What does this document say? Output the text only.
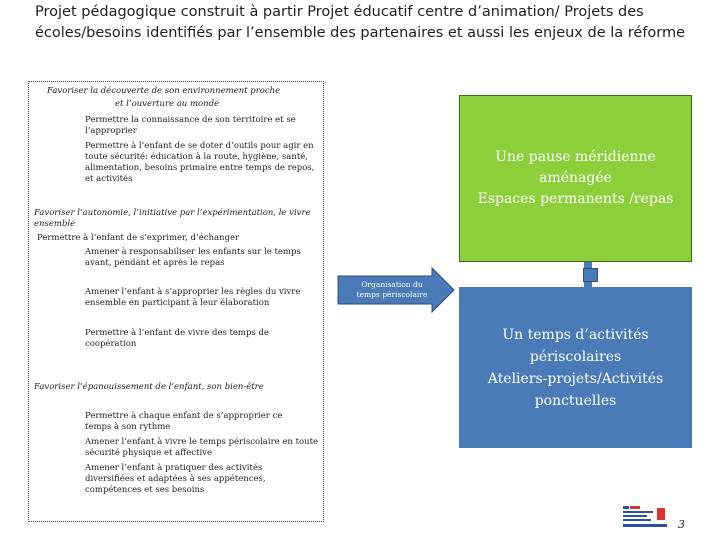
Projet pédagogique construit à partir Projet éducatif centre d’animation/ Projets des écoles/besoins identifiés par l’ensemble des partenaires et aussi les enjeux de la réforme

Favoriser la découverte de son environnement proche

et l’ouverture au monde

Permettre la connaissance de son territoire et se l’approprier

Permettre à l’enfant de se doter d’outils pour agir en toute sécurité: éducation à la route, hygiène, santé, alimentation, besoins primaire entre temps de repos, et activités

Favoriser l’autonomie, l’initiative par l’expérimentation, le vivre ensemble

Permettre à l’enfant de s’exprimer, d’échanger

Amener à responsabiliser les enfants sur le temps avant, pendant et après le repas

Amener l’enfant à s’approprier les règles du vivre ensemble en participant à leur élaboration

Permettre à l’enfant de vivre des temps de coopération

Favoriser l’épanouissement de l’enfant, son bien-être

Permettre à chaque enfant de s’approprier ce temps à son rythme

Amener l’enfant à vivre le temps périscolaire en toute sécurité physique et affective

Amener l’enfant à pratiquer des activités diversifiées et adaptées à ses appétences, compétences et ses besoins

Organisation du temps périscolaire
Une pause méridienne
aménagée
Espaces permanents /repas
Un temps d’activités
périscolaires
Ateliers-projets/Activités
ponctuelles
3
